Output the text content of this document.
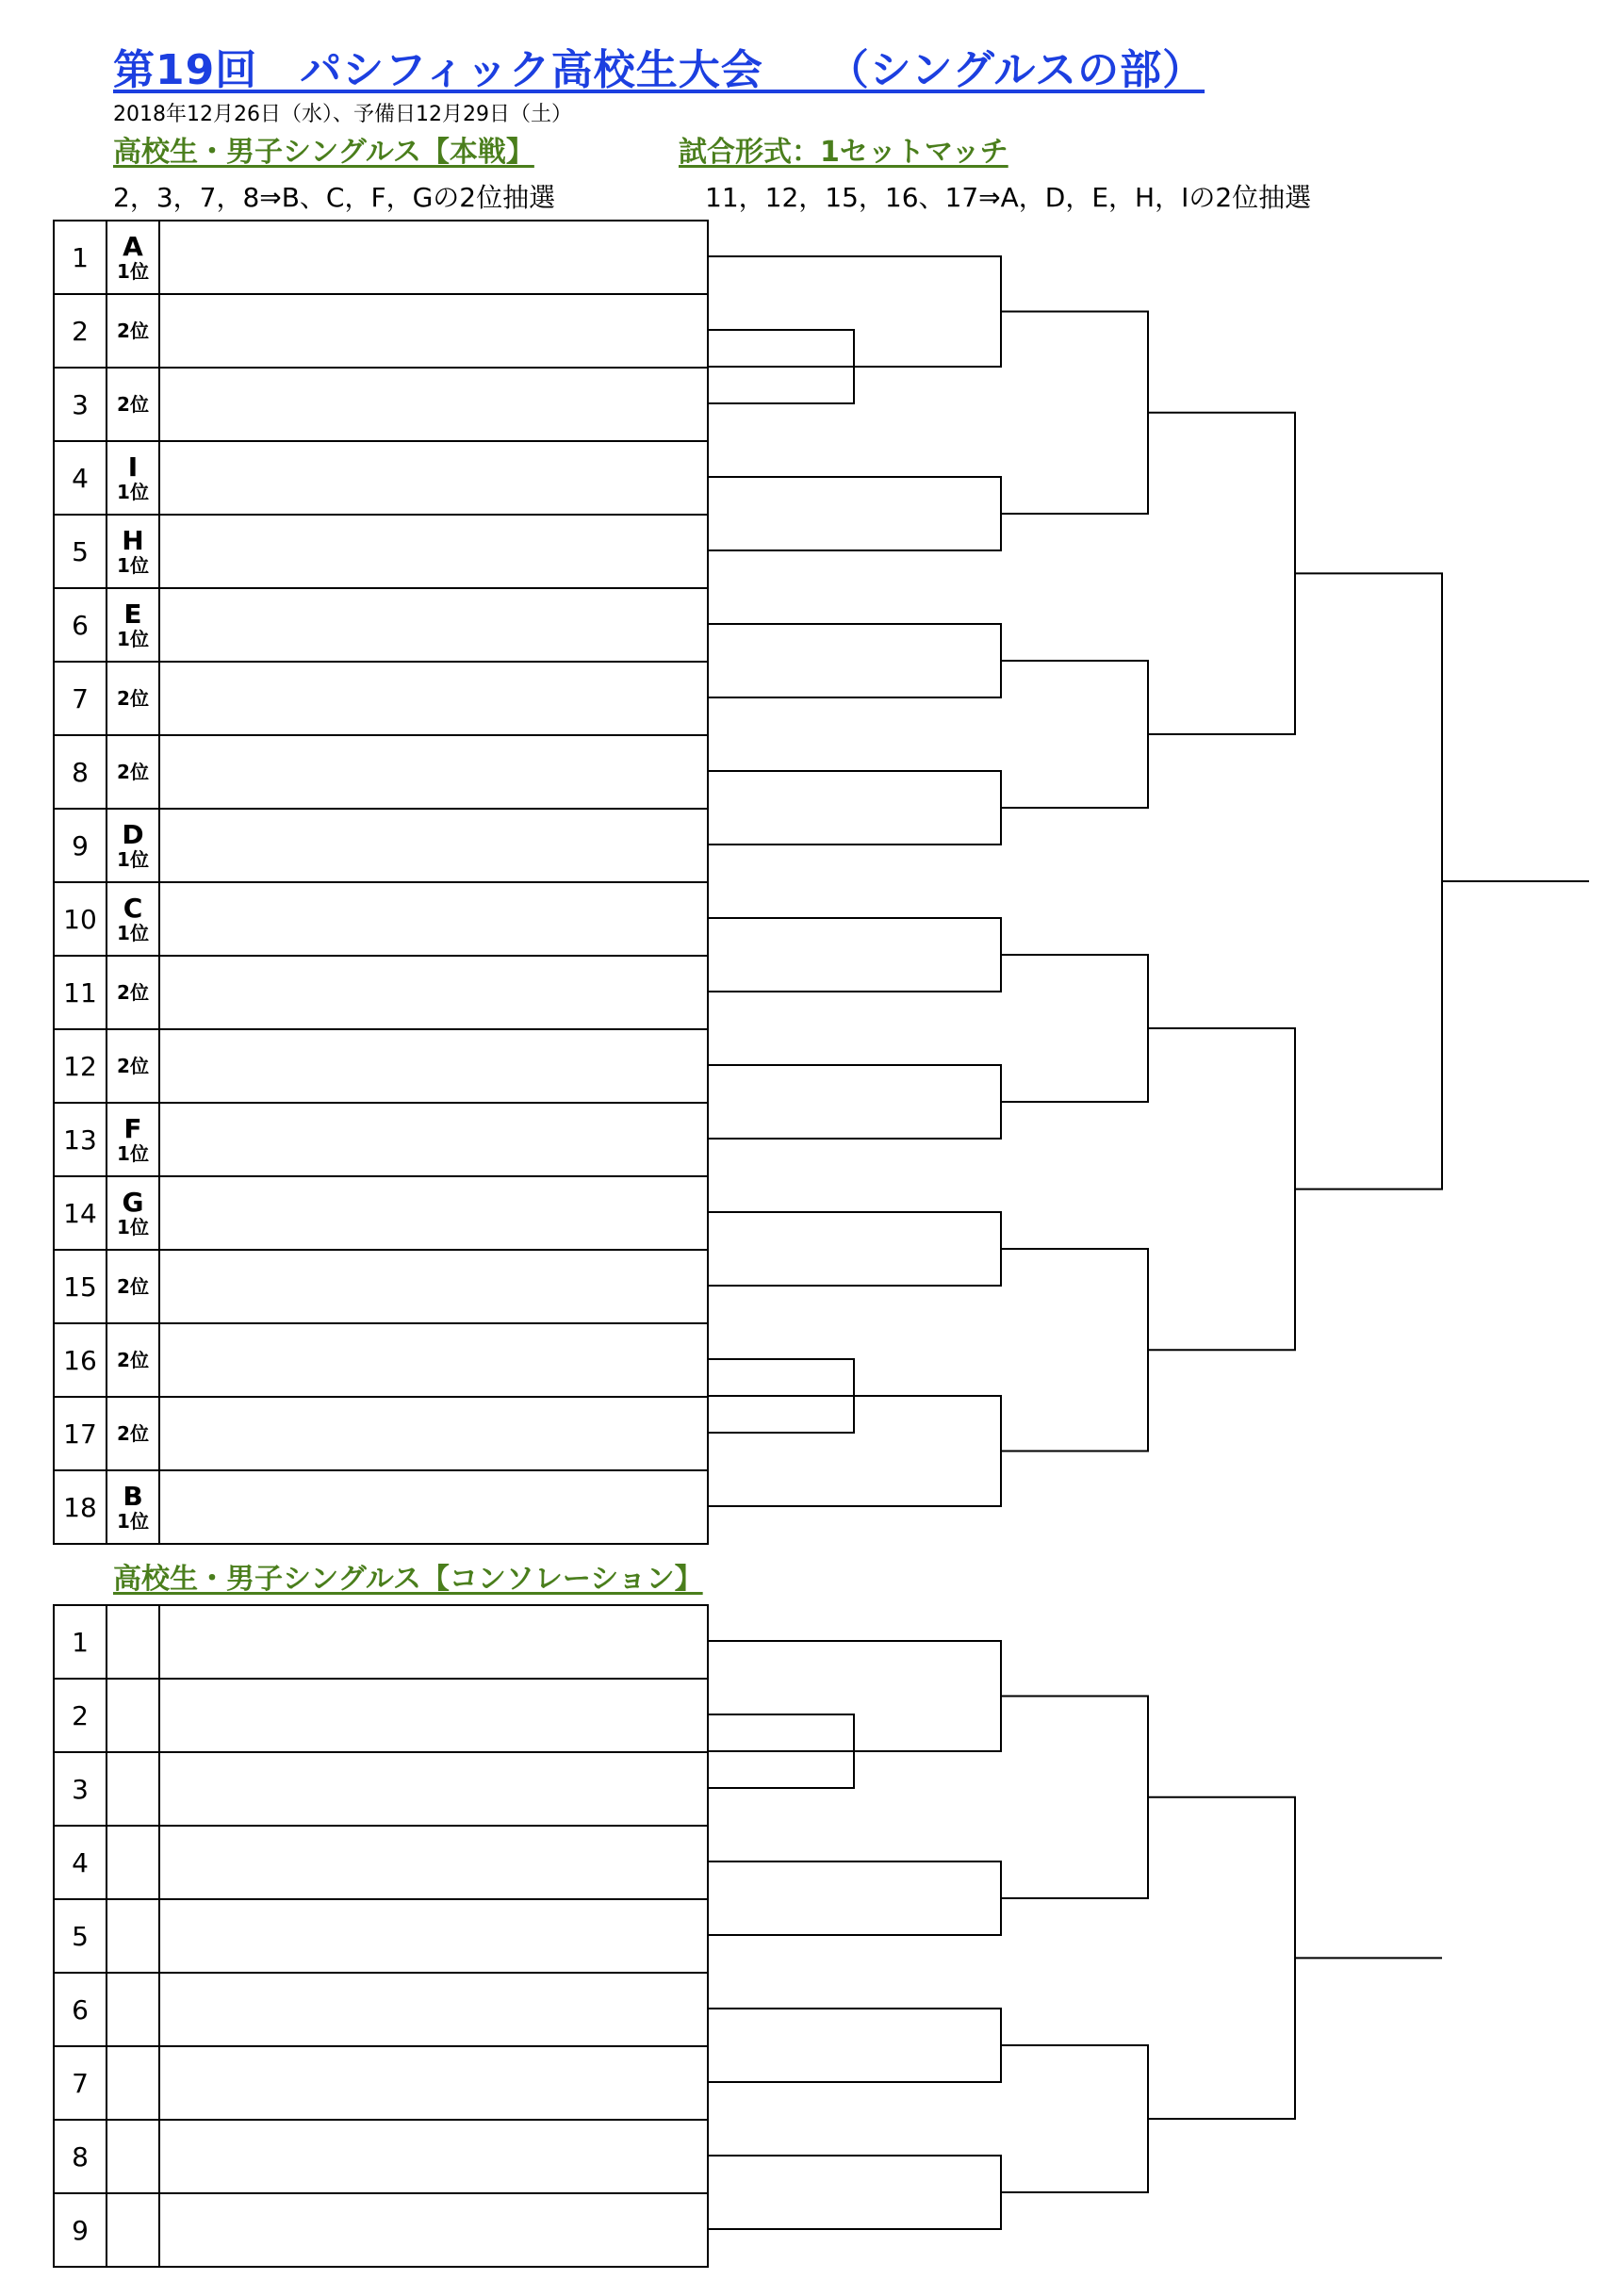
第19回　パシフィック高校生大会　　（シングルスの部）
2018年12月26日（水）、予備日12月29日（土）
高校生・男子シングルス【本戦】	試合形式：1セットマッチ
2，3，7，8⇒B、C，F，Gの2位抽選	11，12，15，16、17⇒A，D，E，H，Iの2位抽選
1	A
1位	

2	2位	

3	2位	

4	I
1位	

5	H
1位	

6	E
1位	

7	2位	

8	2位	

9	D
1位	

10	C
1位	

11	2位	

12	2位	

13	F
1位	

14	G
1位	

15	2位	

16	2位	

17	2位	

18	B
1位	

高校生・男子シングルス【コンソレーション】
1		
2		
3		
4		
5		
6		
7		
8		
9		
